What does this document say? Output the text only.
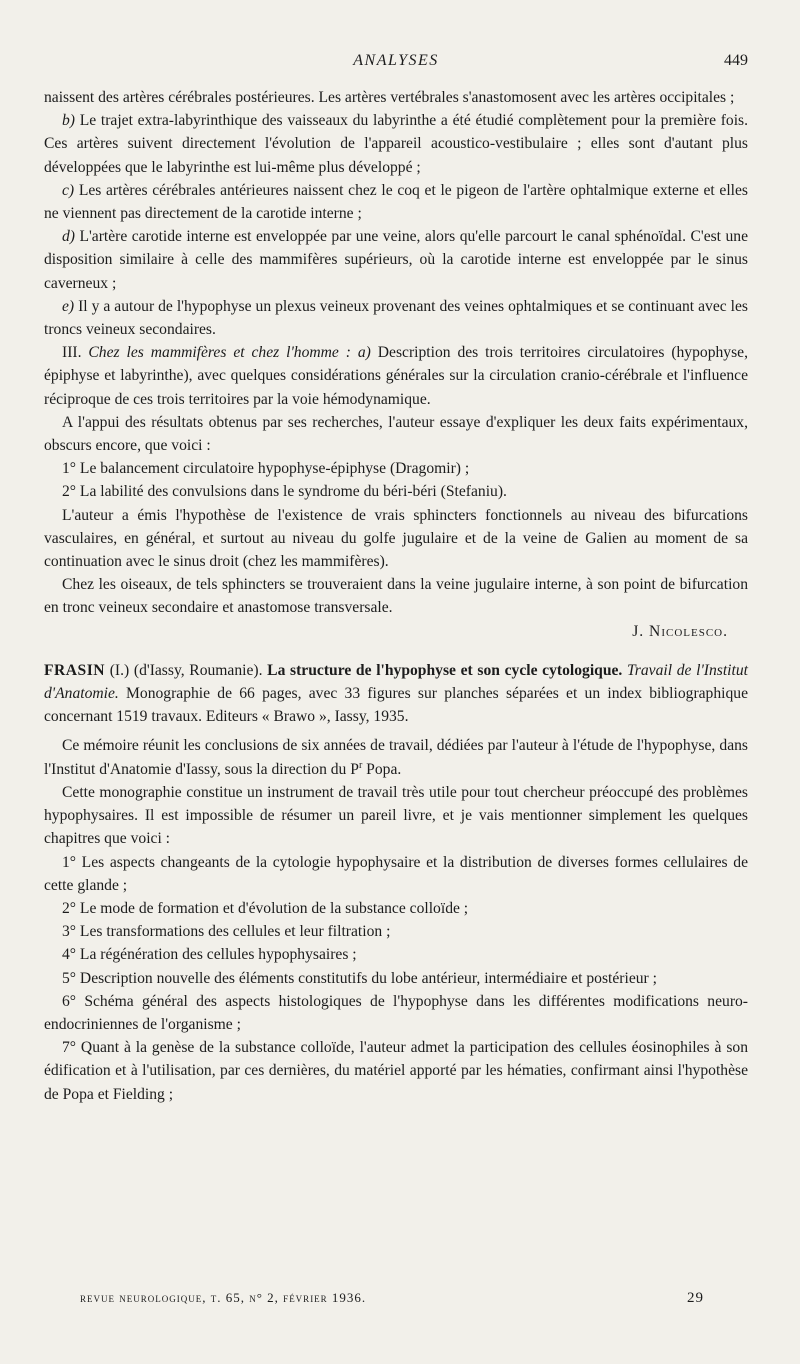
ANALYSES	449

naissent des artères cérébrales postérieures. Les artères vertébrales s'anastomosent avec les artères occipitales ;

b) Le trajet extra-labyrinthique des vaisseaux du labyrinthe a été étudié complètement pour la première fois. Ces artères suivent directement l'évolution de l'appareil acoustico-vestibulaire ; elles sont d'autant plus développées que le labyrinthe est lui-même plus développé ;

c) Les artères cérébrales antérieures naissent chez le coq et le pigeon de l'artère ophtalmique externe et elles ne viennent pas directement de la carotide interne ;

d) L'artère carotide interne est enveloppée par une veine, alors qu'elle parcourt le canal sphénoïdal. C'est une disposition similaire à celle des mammifères supérieurs, où la carotide interne est enveloppée par le sinus caverneux ;

e) Il y a autour de l'hypophyse un plexus veineux provenant des veines ophtalmiques et se continuant avec les troncs veineux secondaires.

III. Chez les mammifères et chez l'homme : a) Description des trois territoires circulatoires (hypophyse, épiphyse et labyrinthe), avec quelques considérations générales sur la circulation cranio-cérébrale et l'influence réciproque de ces trois territoires par la voie hémodynamique.

A l'appui des résultats obtenus par ses recherches, l'auteur essaye d'expliquer les deux faits expérimentaux, obscurs encore, que voici :

1° Le balancement circulatoire hypophyse-épiphyse (Dragomir) ;

2° La labilité des convulsions dans le syndrome du béri-béri (Stefaniu).

L'auteur a émis l'hypothèse de l'existence de vrais sphincters fonctionnels au niveau des bifurcations vasculaires, en général, et surtout au niveau du golfe jugulaire et de la veine de Galien au moment de sa continuation avec le sinus droit (chez les mammifères).

Chez les oiseaux, de tels sphincters se trouveraient dans la veine jugulaire interne, à son point de bifurcation en tronc veineux secondaire et anastomose transversale.

J. Nicolesco.

FRASIN (I.) (d'Iassy, Roumanie). La structure de l'hypophyse et son cycle cytologique. Travail de l'Institut d'Anatomie. Monographie de 66 pages, avec 33 figures sur planches séparées et un index bibliographique concernant 1519 travaux. Editeurs « Brawo », Iassy, 1935.

Ce mémoire réunit les conclusions de six années de travail, dédiées par l'auteur à l'étude de l'hypophyse, dans l'Institut d'Anatomie d'Iassy, sous la direction du $P^r$ Popa.

Cette monographie constitue un instrument de travail très utile pour tout chercheur préoccupé des problèmes hypophysaires. Il est impossible de résumer un pareil livre, et je vais mentionner simplement les quelques chapitres que voici :

1° Les aspects changeants de la cytologie hypophysaire et la distribution de diverses formes cellulaires de cette glande ;

2° Le mode de formation et d'évolution de la substance colloïde ;

3° Les transformations des cellules et leur filtration ;

4° La régénération des cellules hypophysaires ;

5° Description nouvelle des éléments constitutifs du lobe antérieur, intermédiaire et postérieur ;

6° Schéma général des aspects histologiques de l'hypophyse dans les différentes modifications neuro-endocriniennes de l'organisme ;

7° Quant à la genèse de la substance colloïde, l'auteur admet la participation des cellules éosinophiles à son édification et à l'utilisation, par ces dernières, du matériel apporté par les hématies, confirmant ainsi l'hypothèse de Popa et Fielding ;

revue neurologique, t. 65, n° 2, février 1936.	29
